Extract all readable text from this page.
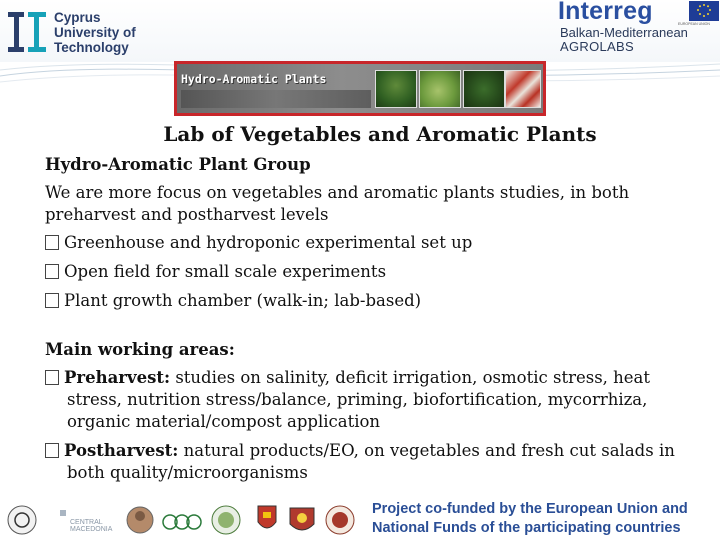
Cyprus
University of
Technology
Interreg	EUROPEAN UNION
Balkan-Mediterranean
AGROLABS
Hydro-Aromatic Plants
Lab of Vegetables and Aromatic Plants

Hydro-Aromatic Plant Group

We are more focus on vegetables and aromatic plants studies, in both preharvest and postharvest levels

Greenhouse and hydroponic experimental set up
Open field for small scale experiments
Plant growth chamber (walk-in; lab-based)

Main working areas:

Preharvest: studies on salinity, deficit irrigation, osmotic stress, heat stress, nutrition stress/balance, priming, biofortification, mycorrhiza, organic material/compost application
Postharvest: natural products/EO, on vegetables and fresh cut salads in both quality/microorganisms
CENTRAL
MACEDONIA
Project co-funded by the European Union and
National Funds of the participating countries
